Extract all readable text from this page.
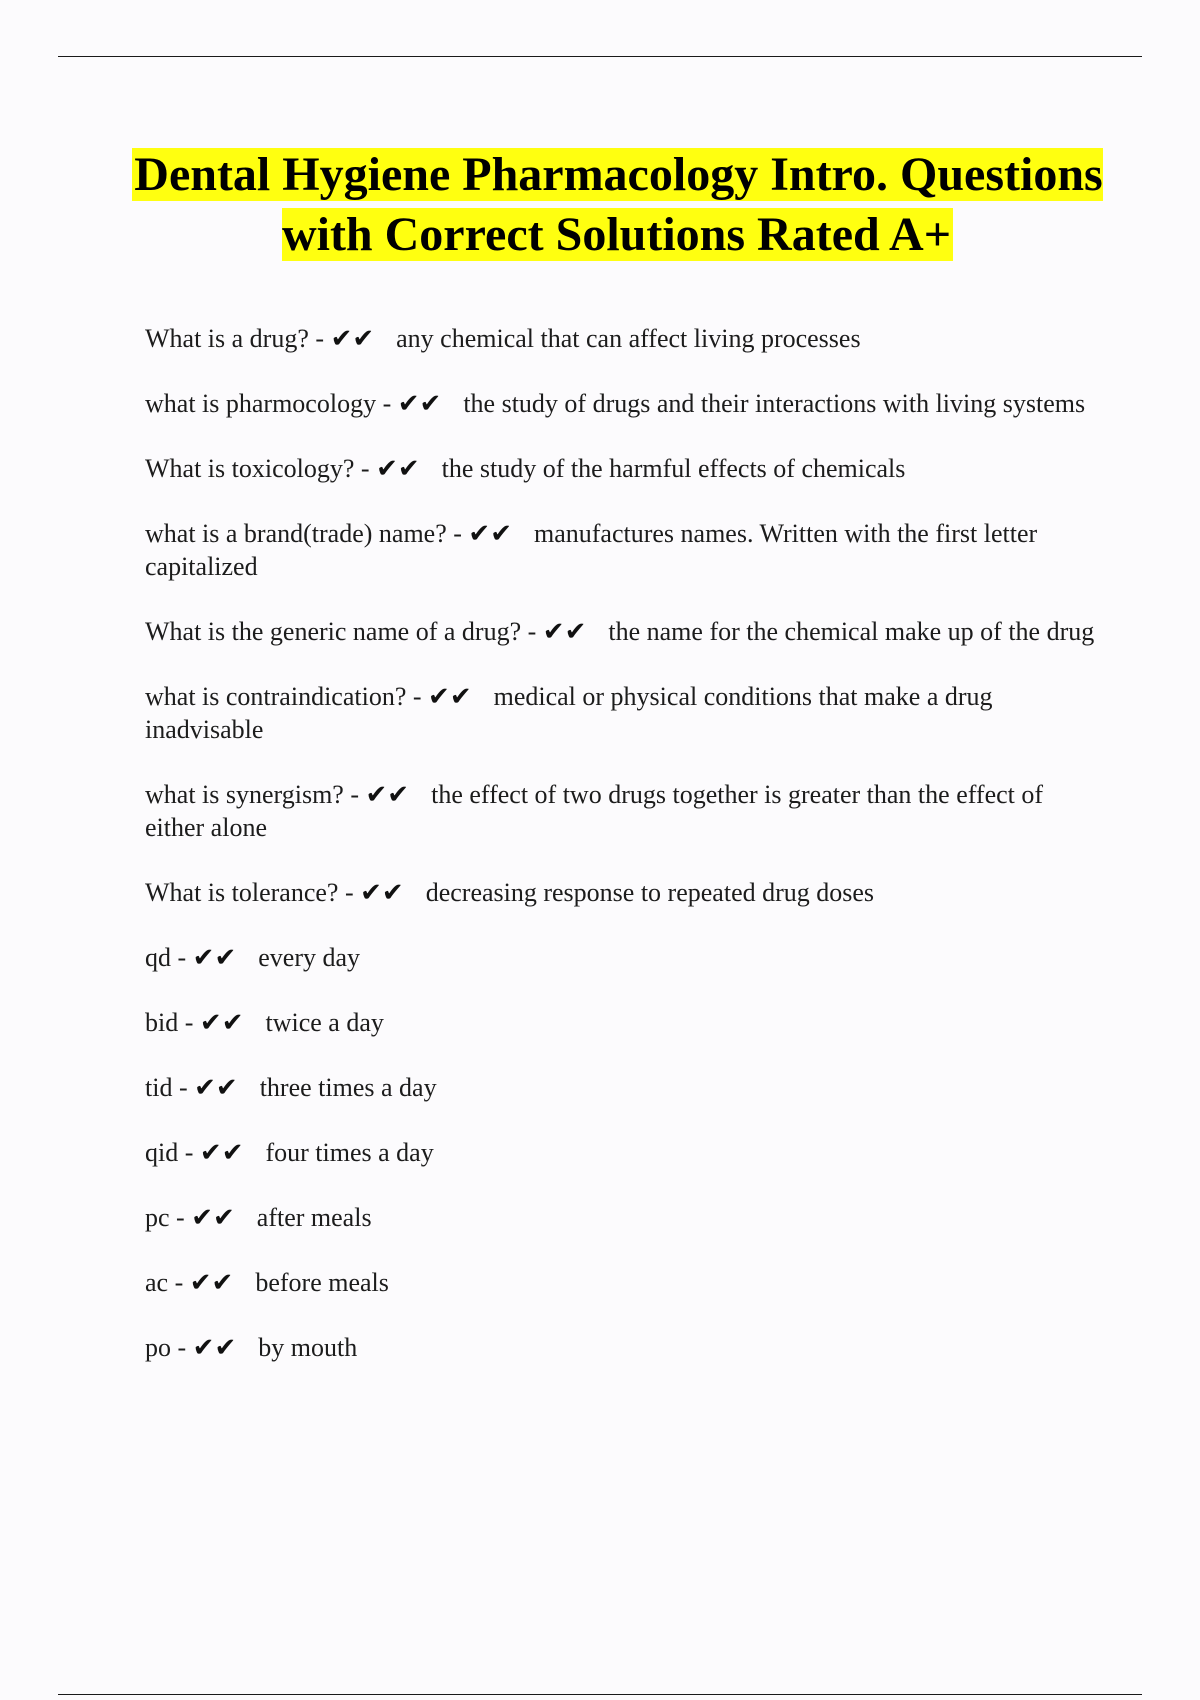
Dental Hygiene Pharmacology Intro. Questions with Correct Solutions Rated A+
What is a drug? - ✔✔ any chemical that can affect living processes
what is pharmocology - ✔✔ the study of drugs and their interactions with living systems
What is toxicology? - ✔✔ the study of the harmful effects of chemicals
what is a brand(trade) name? - ✔✔ manufactures names. Written with the first letter capitalized
What is the generic name of a drug? - ✔✔ the name for the chemical make up of the drug
what is contraindication? - ✔✔ medical or physical conditions that make a drug inadvisable
what is synergism? - ✔✔ the effect of two drugs together is greater than the effect of either alone
What is tolerance? - ✔✔ decreasing response to repeated drug doses
qd - ✔✔ every day
bid - ✔✔ twice a day
tid - ✔✔ three times a day
qid - ✔✔ four times a day
pc - ✔✔ after meals
ac - ✔✔ before meals
po - ✔✔ by mouth
